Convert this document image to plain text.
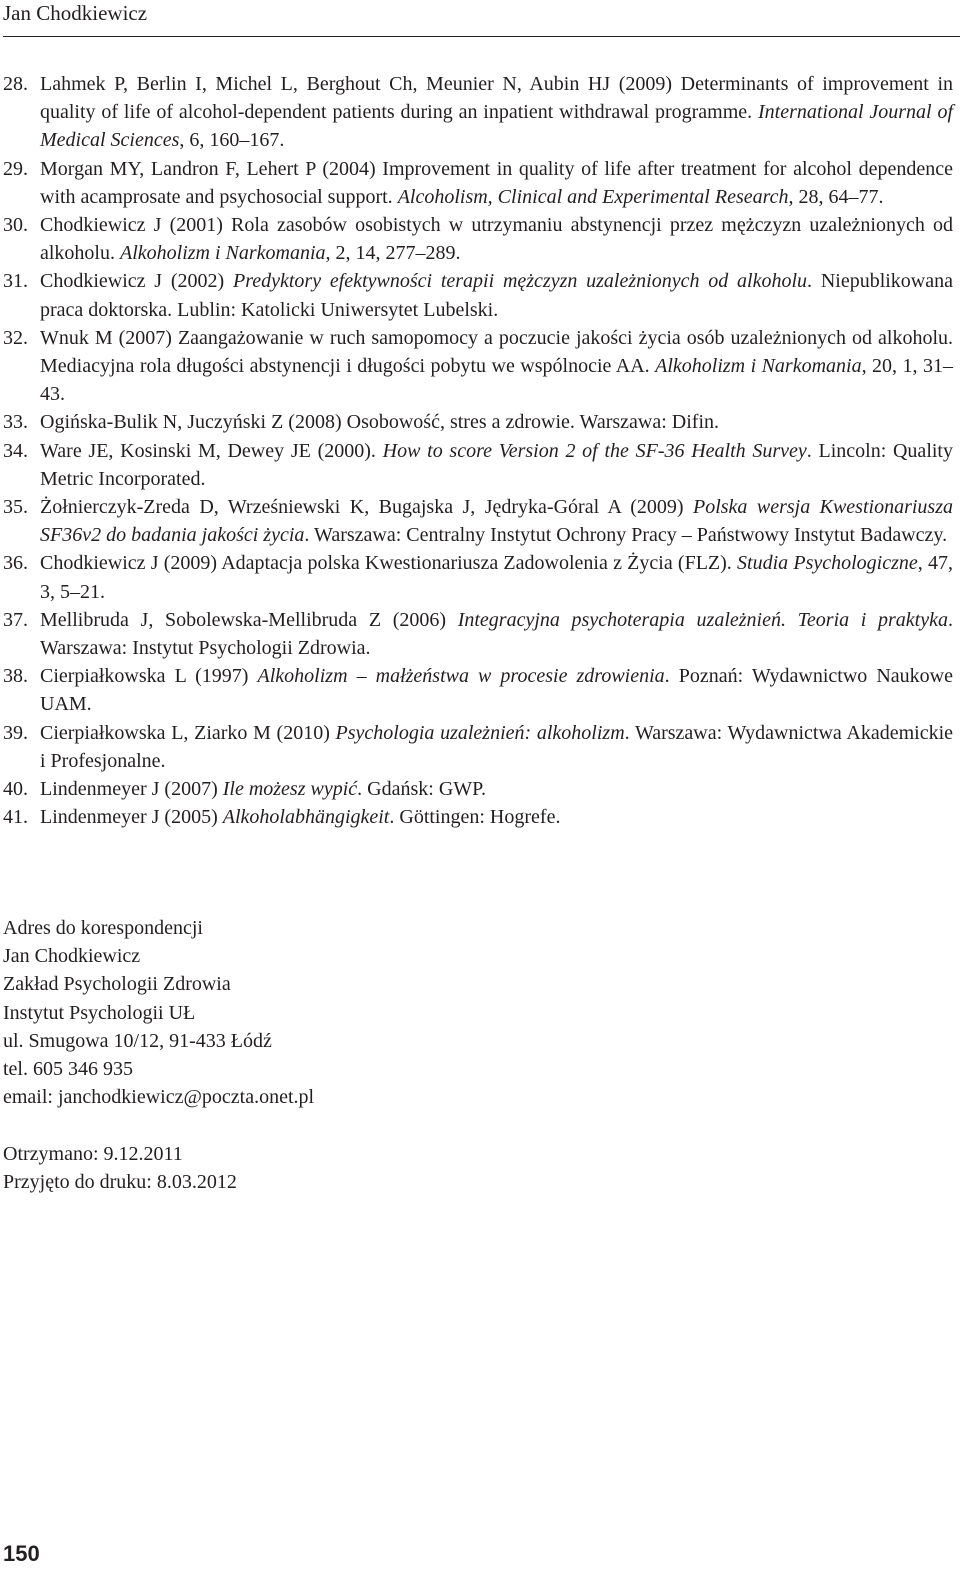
Jan Chodkiewicz
28. Lahmek P, Berlin I, Michel L, Berghout Ch, Meunier N, Aubin HJ (2009) Determinants of improvement in quality of life of alcohol-dependent patients during an inpatient withdrawal programme. International Journal of Medical Sciences, 6, 160–167.
29. Morgan MY, Landron F, Lehert P (2004) Improvement in quality of life after treatment for alcohol dependence with acamprosate and psychosocial support. Alcoholism, Clinical and Experimental Research, 28, 64–77.
30. Chodkiewicz J (2001) Rola zasobów osobistych w utrzymaniu abstynencji przez mężczyzn uzależnionych od alkoholu. Alkoholizm i Narkomania, 2, 14, 277–289.
31. Chodkiewicz J (2002) Predyktory efektywności terapii mężczyzn uzależnionych od alkoholu. Niepublikowana praca doktorska. Lublin: Katolicki Uniwersytet Lubelski.
32. Wnuk M (2007) Zaangażowanie w ruch samopomocy a poczucie jakości życia osób uzależnionych od alkoholu. Mediacyjna rola długości abstynencji i długości pobytu we wspólnocie AA. Alkoholizm i Narkomania, 20, 1, 31–43.
33. Ogińska-Bulik N, Juczyński Z (2008) Osobowość, stres a zdrowie. Warszawa: Difin.
34. Ware JE, Kosinski M, Dewey JE (2000). How to score Version 2 of the SF-36 Health Survey. Lincoln: Quality Metric Incorporated.
35. Żołnierczyk-Zreda D, Wrześniewski K, Bugajska J, Jędryka-Góral A (2009) Polska wersja Kwestionariusza SF36v2 do badania jakości życia. Warszawa: Centralny Instytut Ochrony Pracy – Państwowy Instytut Badawczy.
36. Chodkiewicz J (2009) Adaptacja polska Kwestionariusza Zadowolenia z Życia (FLZ). Studia Psychologiczne, 47, 3, 5–21.
37. Mellibruda J, Sobolewska-Mellibruda Z (2006) Integracyjna psychoterapia uzależnień. Teoria i praktyka. Warszawa: Instytut Psychologii Zdrowia.
38. Cierpiałkowska L (1997) Alkoholizm – małżeństwa w procesie zdrowienia. Poznań: Wydawnictwo Naukowe UAM.
39. Cierpiałkowska L, Ziarko M (2010) Psychologia uzależnień: alkoholizm. Warszawa: Wydawnictwa Akademickie i Profesjonalne.
40. Lindenmeyer J (2007) Ile możesz wypić. Gdańsk: GWP.
41. Lindenmeyer J (2005) Alkoholabhängigkeit. Göttingen: Hogrefe.
Adres do korespondencji
Jan Chodkiewicz
Zakład Psychologii Zdrowia
Instytut Psychologii UŁ
ul. Smugowa 10/12, 91-433 Łódź
tel. 605 346 935
email: janchodkiewicz@poczta.onet.pl
Otrzymano: 9.12.2011
Przyjęto do druku: 8.03.2012
150
